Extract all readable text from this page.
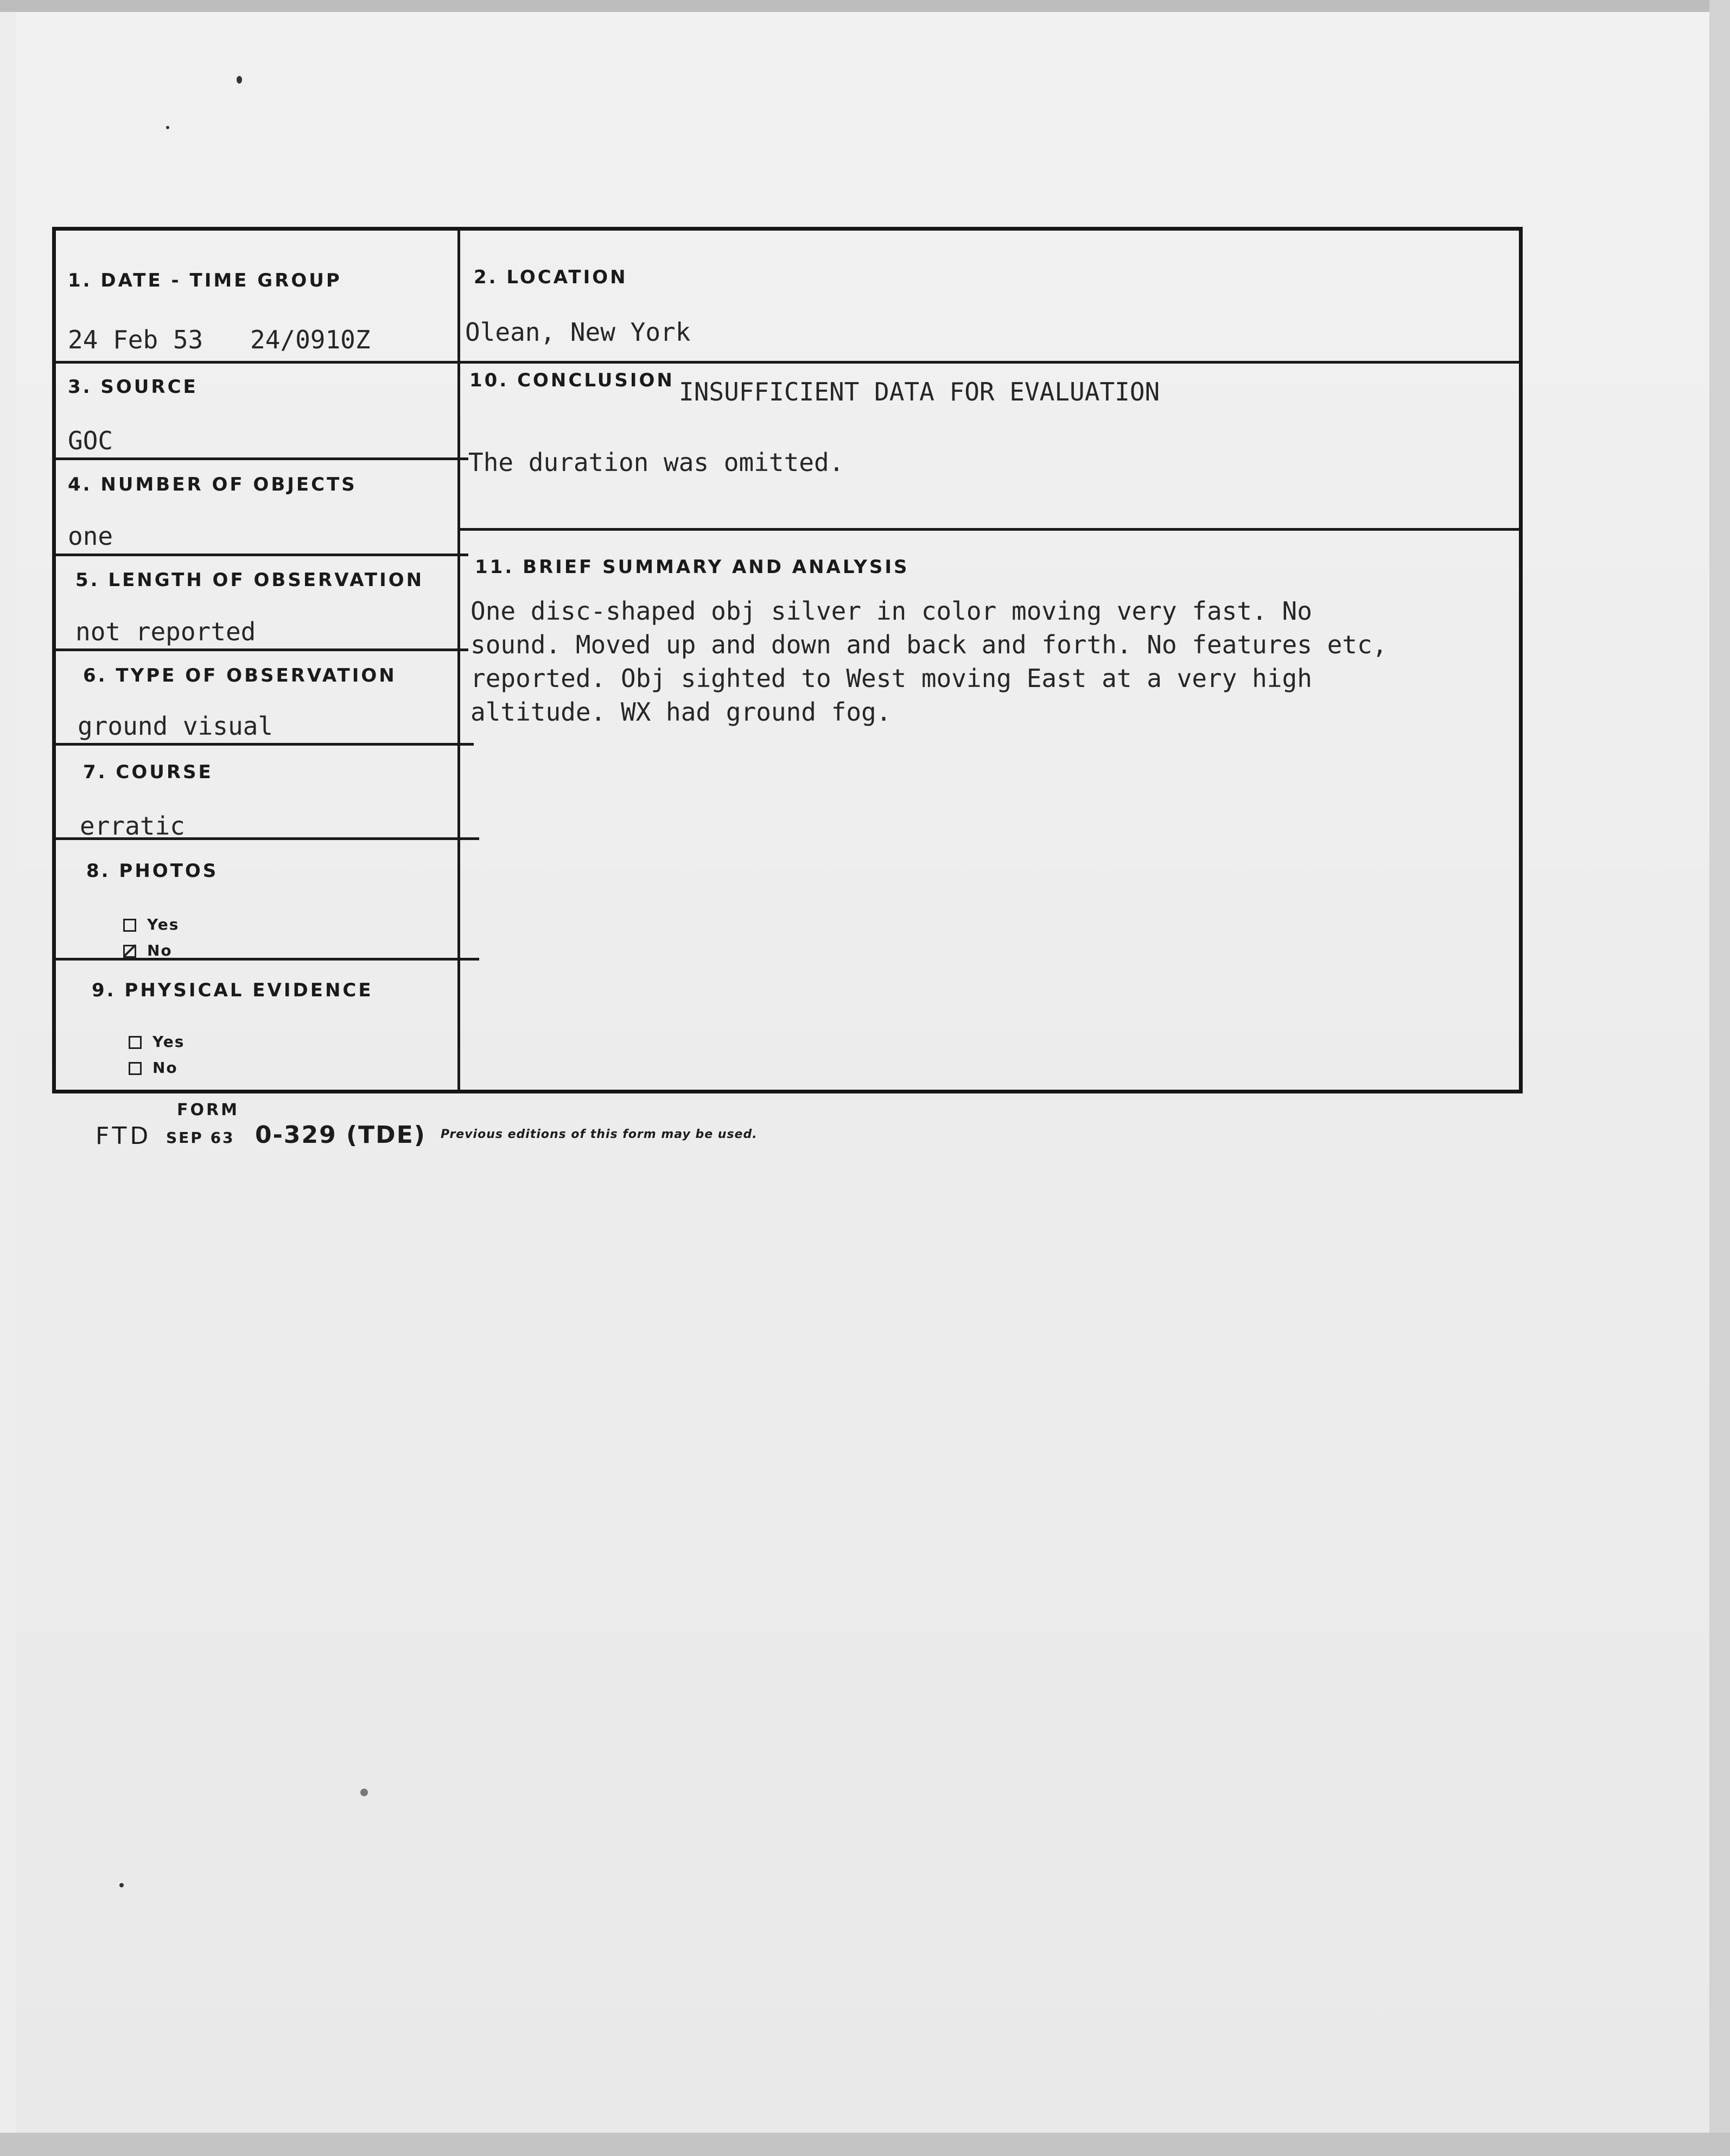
1. DATE - TIME GROUP
24 Feb 53 24/0910Z
2. LOCATION
Olean, New York
3. SOURCE
GOC
4. NUMBER OF OBJECTS
one
5. LENGTH OF OBSERVATION
not reported
6. TYPE OF OBSERVATION
ground visual
7. COURSE
erratic
8. PHOTOS
Yes
No
9. PHYSICAL EVIDENCE
Yes
No
10. CONCLUSION INSUFFICIENT DATA FOR EVALUATION
The duration was omitted.
11. BRIEF SUMMARY AND ANALYSIS
One disc-shaped obj silver in color moving very fast. No
sound. Moved up and down and back and forth. No features etc,
reported. Obj sighted to West moving East at a very high
altitude. WX had ground fog.
FORM
FTD SEP 63 0-329 (TDE) Previous editions of this form may be used.
